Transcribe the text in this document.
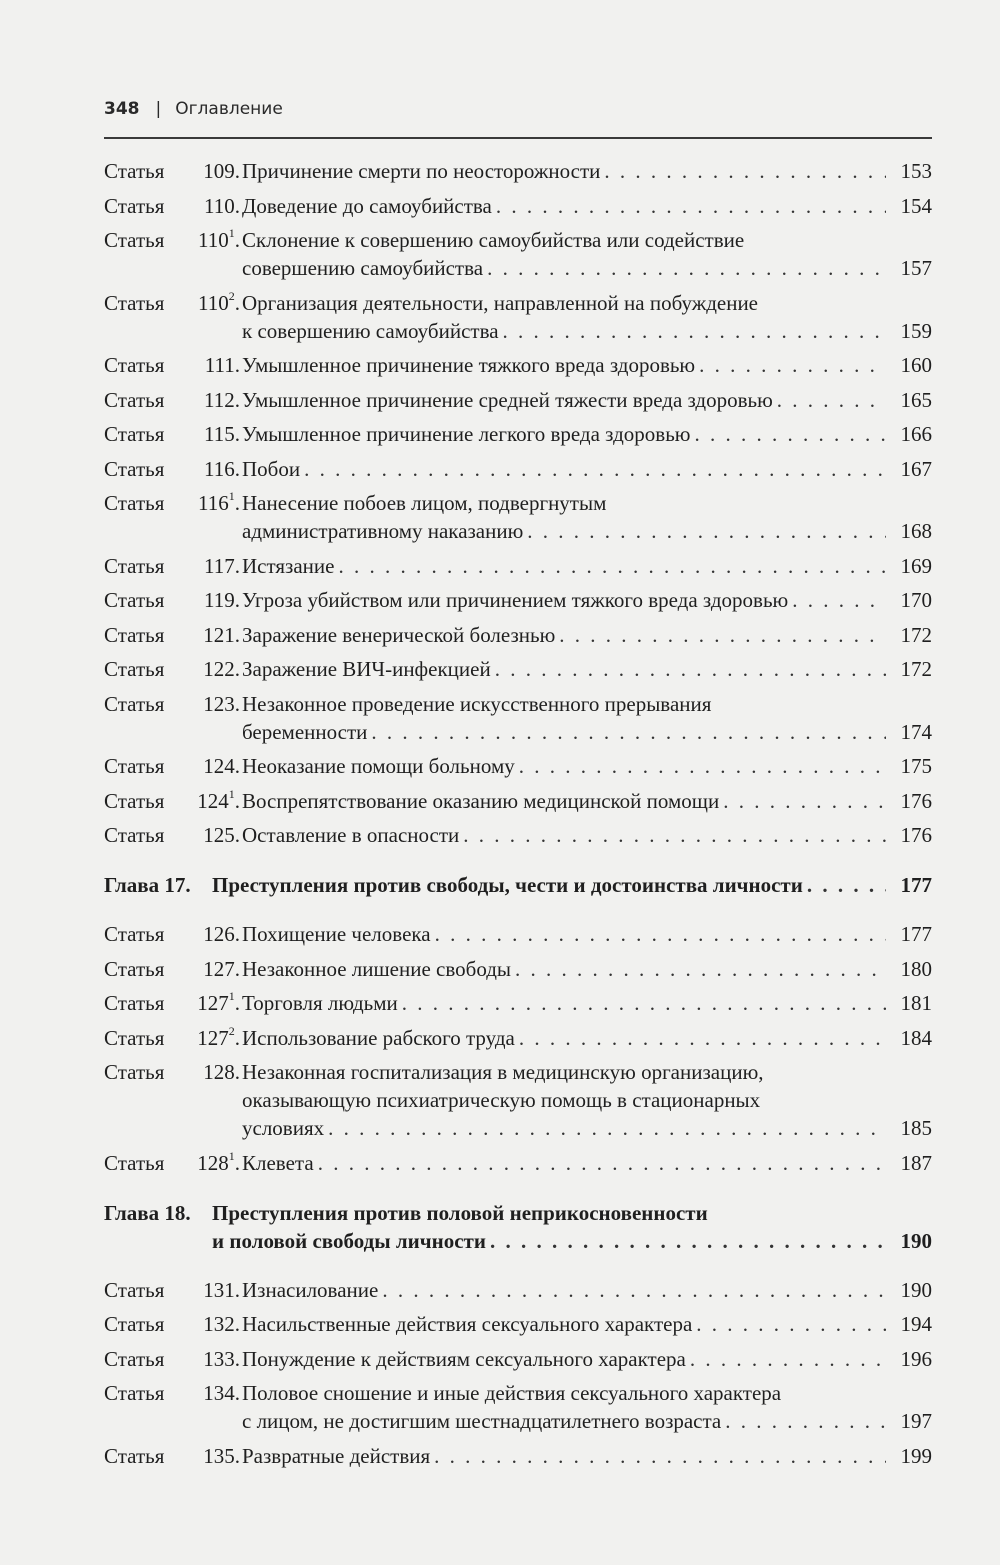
348 | Оглавление
Статья	109. Причинение смерти по неосторожности . . .	153
Статья	110. Доведение до самоубийства . . .	154
Статья	$110^1$. Склонение к совершению самоубийства или содействие
совершению самоубийства . . .	157
Статья	$110^2$. Организация деятельности, направленной на побуждение
к совершению самоубийства . . .	159
Статья	111. Умышленное причинение тяжкого вреда здоровью . . .	160
Статья	112. Умышленное причинение средней тяжести вреда здоровью . . .	165
Статья	115. Умышленное причинение легкого вреда здоровью . . .	166
Статья	116. Побои . . .	167
Статья	$116^1$. Нанесение побоев лицом, подвергнутым
административному наказанию . . .	168
Статья	117. Истязание . . .	169
Статья	119. Угроза убийством или причинением тяжкого вреда здоровью . . .	170
Статья	121. Заражение венерической болезнью . . .	172
Статья	122. Заражение ВИЧ-инфекцией . . .	172
Статья	123. Незаконное проведение искусственного прерывания
беременности . . .	174
Статья	124. Неоказание помощи больному . . .	175
Статья	$124^1$. Воспрепятствование оказанию медицинской помощи . . .	176
Статья	125. Оставление в опасности . . .	176
Глава 17.	Преступления против свободы, чести и достоинства личности . . .	177
Статья	126. Похищение человека . . .	177
Статья	127. Незаконное лишение свободы . . .	180
Статья	$127^1$. Торговля людьми . . .	181
Статья	$127^2$. Использование рабского труда . . .	184
Статья	128. Незаконная госпитализация в медицинскую организацию,
оказывающую психиатрическую помощь в стационарных
условиях . . .	185
Статья	$128^1$. Клевета . . .	187
Глава 18.	Преступления против половой неприкосновенности
и половой свободы личности . . .	190
Статья	131. Изнасилование . . .	190
Статья	132. Насильственные действия сексуального характера . . .	194
Статья	133. Понуждение к действиям сексуального характера . . .	196
Статья	134. Половое сношение и иные действия сексуального характера
с лицом, не достигшим шестнадцатилетнего возраста . . .	197
Статья	135. Развратные действия . . .	199
